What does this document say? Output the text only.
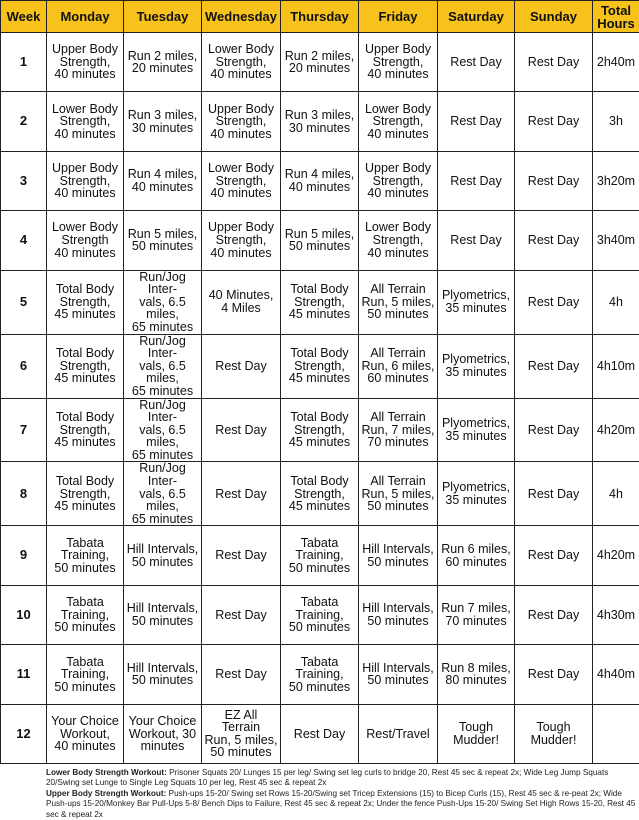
Week	Monday	Tuesday	Wednesday	Thursday	Friday	Saturday	Sunday	Total
Hours

1	Upper Body
Strength,
40 minutes	Run 2 miles,
20 minutes	Lower Body
Strength,
40 minutes	Run 2 miles,
20 minutes	Upper Body
Strength,
40 minutes	Rest Day	Rest Day	2h40m

2	Lower Body
Strength,
40 minutes	Run 3 miles,
30 minutes	Upper Body
Strength,
40 minutes	Run 3 miles,
30 minutes	Lower Body
Strength,
40 minutes	Rest Day	Rest Day	3h

3	Upper Body
Strength,
40 minutes	Run 4 miles,
40 minutes	Lower Body
Strength,
40 minutes	Run 4 miles,
40 minutes	Upper Body
Strength,
40 minutes	Rest Day	Rest Day	3h20m

4	Lower Body
Strength
40 minutes	Run 5 miles,
50 minutes	Upper Body
Strength,
40 minutes	Run 5 miles,
50 minutes	Lower Body
Strength,
40 minutes	Rest Day	Rest Day	3h40m

5	Total Body
Strength,
45 minutes	Run/Jog Inter-
vals, 6.5 miles,
65 minutes	40 Minutes,
4 Miles	Total Body
Strength,
45 minutes	All Terrain
Run, 5 miles,
50 minutes	Plyometrics,
35 minutes	Rest Day	4h

6	Total Body
Strength,
45 minutes	Run/Jog Inter-
vals, 6.5 miles,
65 minutes	Rest Day	Total Body
Strength,
45 minutes	All Terrain
Run, 6 miles,
60 minutes	Plyometrics,
35 minutes	Rest Day	4h10m

7	Total Body
Strength,
45 minutes	Run/Jog Inter-
vals, 6.5 miles,
65 minutes	Rest Day	Total Body
Strength,
45 minutes	All Terrain
Run, 7 miles,
70 minutes	Plyometrics,
35 minutes	Rest Day	4h20m

8	Total Body
Strength,
45 minutes	Run/Jog Inter-
vals, 6.5 miles,
65 minutes	Rest Day	Total Body
Strength,
45 minutes	All Terrain
Run, 5 miles,
50 minutes	Plyometrics,
35 minutes	Rest Day	4h

9	Tabata
Training,
50 minutes	Hill Intervals,
50 minutes	Rest Day	Tabata
Training,
50 minutes	Hill Intervals,
50 minutes	Run 6 miles,
60 minutes	Rest Day	4h20m

10	Tabata
Training,
50 minutes	Hill Intervals,
50 minutes	Rest Day	Tabata
Training,
50 minutes	Hill Intervals,
50 minutes	Run 7 miles,
70 minutes	Rest Day	4h30m

11	Tabata
Training,
50 minutes	Hill Intervals,
50 minutes	Rest Day	Tabata
Training,
50 minutes	Hill Intervals,
50 minutes	Run 8 miles,
80 minutes	Rest Day	4h40m

12	Your Choice
Workout,
40 minutes	Your Choice
Workout, 30
minutes	EZ All Terrain
Run, 5 miles,
50 minutes	Rest Day	Rest/Travel	Tough
Mudder!	Tough
Mudder!	

Lower Body Strength Workout: Prisoner Squats 20/ Lunges 15 per leg/ Swing set leg curls to bridge 20, Rest 45 sec & repeat 2x; Wide Leg Jump Squats 20/Swing set Lunge to Single Leg Squats 10 per leg, Rest 45 sec & repeat 2x

Upper Body Strength Workout: Push-ups 15-20/ Swing set Rows 15-20/Swing set Tricep Extensions (15) to Bicep Curls (15), Rest 45 sec & re-peat 2x; Wide Push-ups 15-20/Monkey Bar Pull-Ups 5-8/ Bench Dips to Failure, Rest 45 sec & repeat 2x; Under the fence Push-Ups 15-20/ Swing Set High Rows 15-20, Rest 45 sec & repeat 2x
